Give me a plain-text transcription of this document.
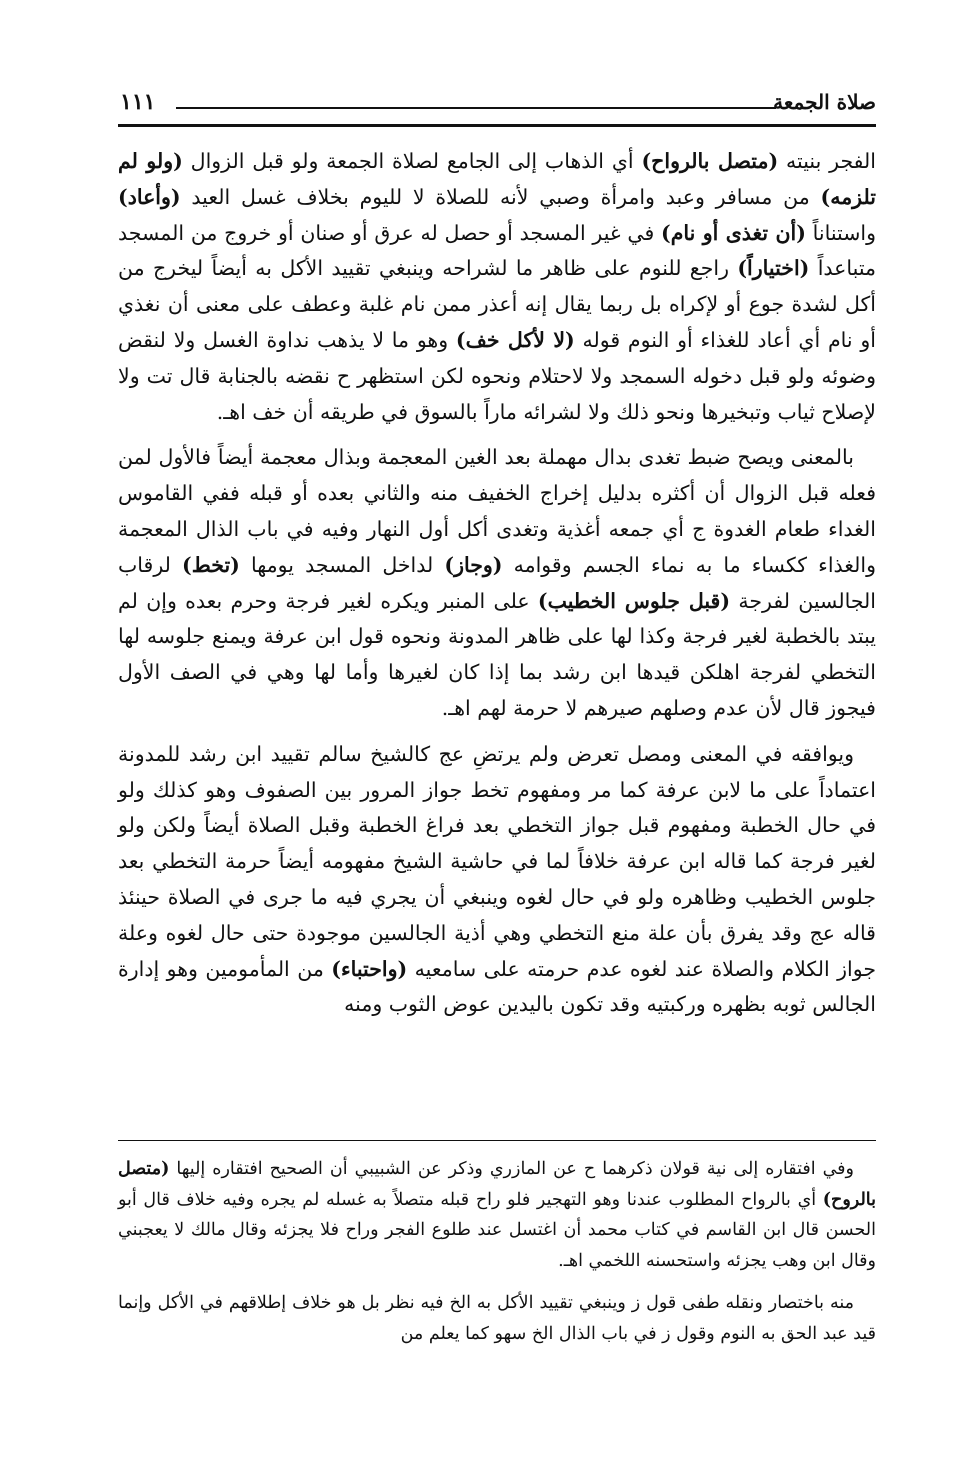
صلاة الجمعة
١١١

الفجر بنيته (متصل بالرواح) أي الذهاب إلى الجامع لصلاة الجمعة ولو قبل الزوال (ولو لم تلزمه) من مسافر وعبد وامرأة وصبي لأنه للصلاة لا لليوم بخلاف غسل العيد (وأعاد) واستناناً (أن تغذى أو نام) في غير المسجد أو حصل له عرق أو صنان أو خروج من المسجد متباعداً (اختياراً) راجع للنوم على ظاهر ما لشراحه وينبغي تقييد الأكل به أيضاً ليخرج من أكل لشدة جوع أو لإكراه بل ربما يقال إنه أعذر ممن نام غلبة وعطف على معنى أن نغذي أو نام أي أعاد للغذاء أو النوم قوله (لا لأكل خف) وهو ما لا يذهب نداوة الغسل ولا لنقض وضوئه ولو قبل دخوله السمجد ولا لاحتلام ونحوه لكن استظهر ح نقضه بالجنابة قال تت ولا لإصلاح ثياب وتبخيرها ونحو ذلك ولا لشرائه ماراً بالسوق في طريقه أن خف اهـ.

بالمعنى ويصح ضبط تغدى بدال مهملة بعد الغين المعجمة وبذال معجمة أيضاً فالأول لمن فعله قبل الزوال أن أكثره بدليل إخراج الخفيف منه والثاني بعده أو قبله ففي القاموس الغداء طعام الغدوة ج أي جمعه أغذية وتغدى أكل أول النهار وفيه في باب الذال المعجمة والغذاء ككساء ما به نماء الجسم وقوامه (وجاز) لداخل المسجد يومها (تخط) لرقاب الجالسين لفرجة (قبل جلوس الخطيب) على المنبر ويكره لغير فرجة وحرم بعده وإن لم يبتد بالخطبة لغير فرجة وكذا لها على ظاهر المدونة ونحوه قول ابن عرفة ويمنع جلوسه لها التخطي لفرجة اهلكن قيدها ابن رشد بما إذا كان لغيرها وأما لها وهي في الصف الأول فيجوز قال لأن عدم وصلهم صيرهم لا حرمة لهم اهـ.

ويوافقه في المعنى ومصل تعرض ولم يرتضِ عج كالشيخ سالم تقييد ابن رشد للمدونة اعتماداً على ما لابن عرفة كما مر ومفهوم تخط جواز المرور بين الصفوف وهو كذلك ولو في حال الخطبة ومفهوم قبل جواز التخطي بعد فراغ الخطبة وقبل الصلاة أيضاً ولكن ولو لغير فرجة كما قاله ابن عرفة خلافاً لما في حاشية الشيخ مفهومه أيضاً حرمة التخطي بعد جلوس الخطيب وظاهره ولو في حال لغوه وينبغي أن يجري فيه ما جرى في الصلاة حينئذ قاله عج وقد يفرق بأن علة منع التخطي وهي أذية الجالسين موجودة حتى حال لغوه وعلة جواز الكلام والصلاة عند لغوه عدم حرمته على سامعيه (واحتباء) من المأمومين وهو إدارة الجالس ثوبه بظهره وركبتيه وقد تكون باليدين عوض الثوب ومنه

وفي افتقاره إلى نية قولان ذكرهما ح عن المازري وذكر عن الشبيبي أن الصحيح افتقاره إليها (متصل بالروح) أي بالرواح المطلوب عندنا وهو التهجير فلو راح قبله متصلاً به غسله لم يجره وفيه خلاف قال أبو الحسن قال ابن القاسم في كتاب محمد أن اغتسل عند طلوع الفجر وراح فلا يجزئه وقال مالك لا يعجبني وقال ابن وهب يجزئه واستحسنه اللخمي اهـ.

منه باختصار ونقله طفى قول ز وينبغي تقييد الأكل به الخ فيه نظر بل هو خلاف إطلاقهم في الأكل وإنما قيد عبد الحق به النوم وقول ز في باب الذال الخ سهو كما يعلم من
